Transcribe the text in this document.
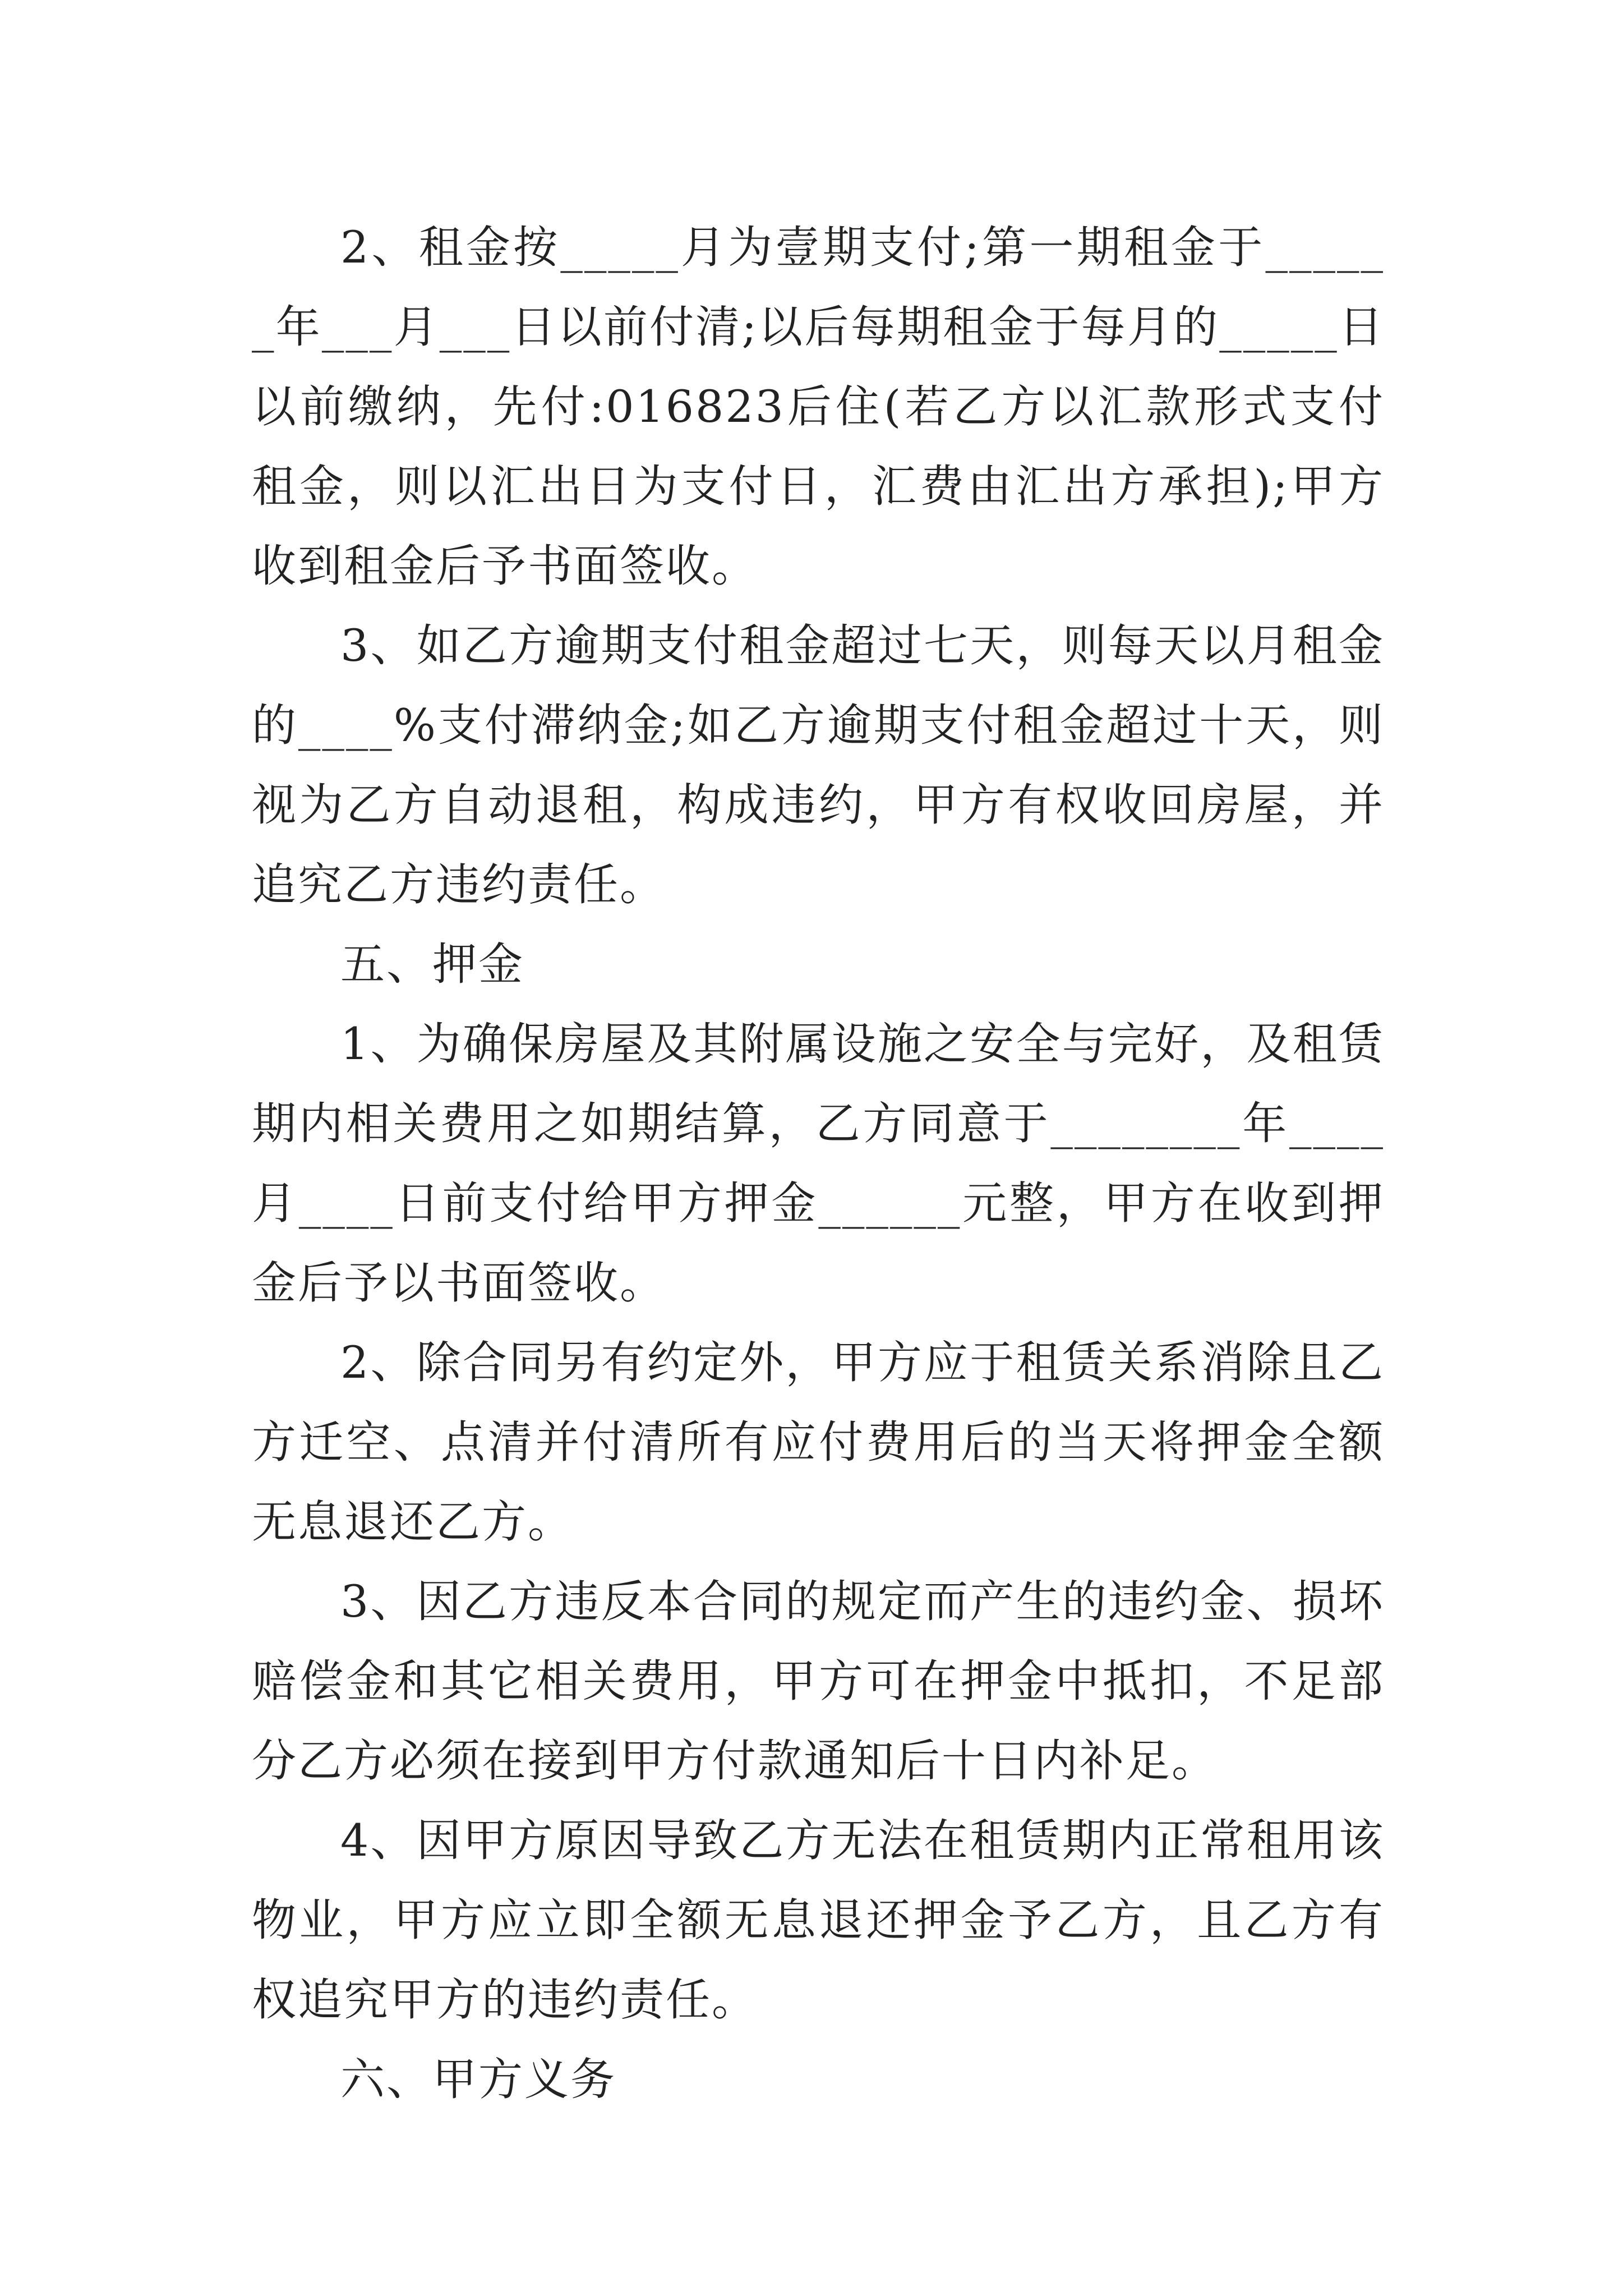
2、租金按_____月为壹期支付;第一期租金于______年___月___日以前付清;以后每期租金于每月的_____日以前缴纳，先付:016823后住(若乙方以汇款形式支付租金，则以汇出日为支付日，汇费由汇出方承担);甲方收到租金后予书面签收。

3、如乙方逾期支付租金超过七天，则每天以月租金的____%支付滞纳金;如乙方逾期支付租金超过十天，则视为乙方自动退租，构成违约，甲方有权收回房屋，并追究乙方违约责任。

五、押金

1、为确保房屋及其附属设施之安全与完好，及租赁期内相关费用之如期结算，乙方同意于________年____月____日前支付给甲方押金______元整，甲方在收到押金后予以书面签收。

2、除合同另有约定外，甲方应于租赁关系消除且乙方迁空、点清并付清所有应付费用后的当天将押金全额无息退还乙方。

3、因乙方违反本合同的规定而产生的违约金、损坏赔偿金和其它相关费用，甲方可在押金中抵扣，不足部分乙方必须在接到甲方付款通知后十日内补足。

4、因甲方原因导致乙方无法在租赁期内正常租用该物业，甲方应立即全额无息退还押金予乙方，且乙方有权追究甲方的违约责任。

六、甲方义务
